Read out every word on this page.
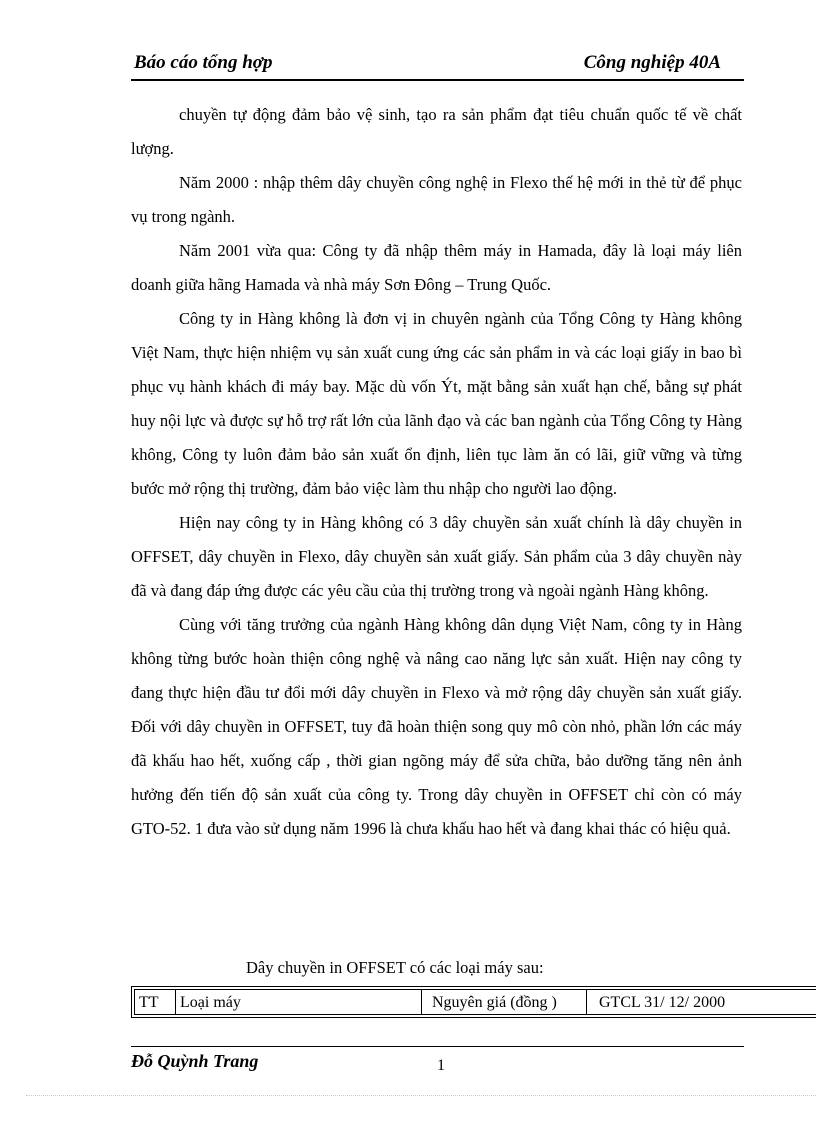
Báo cáo tổng hợp	Công nghiệp 40A

chuyền tự động đảm bảo vệ sinh, tạo ra sản phẩm đạt tiêu chuẩn quốc tế về chất lượng.

Năm 2000 : nhập thêm dây chuyền công nghệ in Flexo thế hệ mới in thẻ từ để phục vụ trong ngành.

Năm 2001 vừa qua: Công ty đã nhập thêm máy in Hamada, đây là loại máy liên doanh giữa hãng Hamada và nhà máy Sơn Đông – Trung Quốc.

Công ty in Hàng không là đơn vị in chuyên ngành của Tổng Công ty Hàng không Việt Nam, thực hiện nhiệm vụ sản xuất cung ứng các sản phẩm in và các loại giấy in bao bì phục vụ hành khách đi máy bay. Mặc dù vốn Ýt, mặt bằng sản xuất hạn chế, bằng sự phát huy nội lực và được sự hỗ trợ rất lớn của lãnh đạo và các ban ngành của Tổng Công ty Hàng không, Công ty luôn đảm bảo sản xuất ổn định, liên tục làm ăn có lãi, giữ vững và từng bước mở rộng thị trường, đảm bảo việc làm thu nhập cho người lao động.

Hiện nay công ty in Hàng không có 3 dây chuyền sản xuất chính là dây chuyền in OFFSET, dây chuyền in Flexo, dây chuyền sản xuất giấy. Sản phẩm của 3 dây chuyền này đã và đang đáp ứng được các yêu cầu của thị trường trong và ngoài ngành Hàng không.

Cùng với tăng trưởng của ngành Hàng không dân dụng Việt Nam, công ty in Hàng không từng bước hoàn thiện công nghệ và nâng cao năng lực sản xuất. Hiện nay công ty đang thực hiện đầu tư đổi mới dây chuyền in Flexo và mở rộng dây chuyền sản xuất giấy. Đối với dây chuyền in OFFSET, tuy đã hoàn thiện song quy mô còn nhỏ, phần lớn các máy đã khấu hao hết, xuống cấp , thời gian ngõng máy để sửa chữa, bảo dưỡng tăng nên ảnh hưởng đến tiến độ sản xuất của công ty. Trong dây chuyền in OFFSET chỉ còn có máy GTO-52. 1 đưa vào sử dụng năm 1996 là chưa khấu hao hết và đang khai thác có hiệu quả.

Dây chuyền in OFFSET có các loại máy sau:
TT	Loại máy	Nguyên giá (đồng )	GTCL 31/ 12/ 2000
Đỗ Quỳnh Trang	1
